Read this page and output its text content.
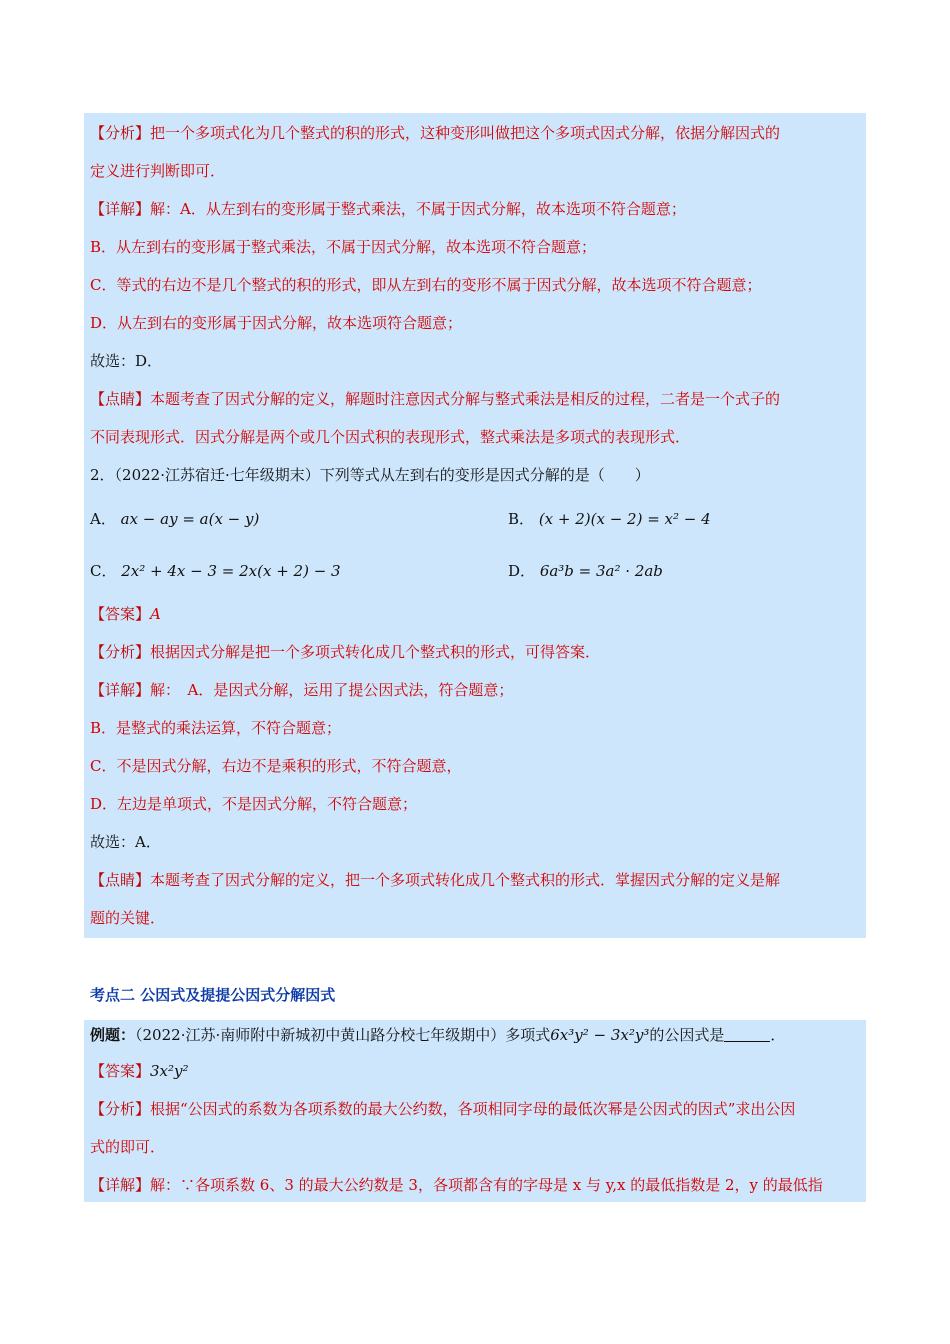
【分析】把一个多项式化为几个整式的积的形式，这种变形叫做把这个多项式因式分解，依据分解因式的
定义进行判断即可．
【详解】解：A．从左到右的变形属于整式乘法，不属于因式分解，故本选项不符合题意；
B．从左到右的变形属于整式乘法，不属于因式分解，故本选项不符合题意；
C．等式的右边不是几个整式的积的形式，即从左到右的变形不属于因式分解，故本选项不符合题意；
D．从左到右的变形属于因式分解，故本选项符合题意；
故选：D．
【点睛】本题考查了因式分解的定义，解题时注意因式分解与整式乘法是相反的过程，二者是一个式子的
不同表现形式．因式分解是两个或几个因式积的表现形式，整式乘法是多项式的表现形式．
2．（2022·江苏宿迁·七年级期末）下列等式从左到右的变形是因式分解的是（　　）
A． ax − ay = a(x − y)	B． (x + 2)(x − 2) = x² − 4
C． 2x² + 4x − 3 = 2x(x + 2) − 3	D． 6a³b = 3a² · 2ab
【答案】A
【分析】根据因式分解是把一个多项式转化成几个整式积的形式，可得答案．
【详解】解：　A．是因式分解，运用了提公因式法，符合题意；
B．是整式的乘法运算，不符合题意；
C．不是因式分解，右边不是乘积的形式，不符合题意，
D．左边是单项式，不是因式分解，不符合题意；
故选：A．
【点睛】本题考查了因式分解的定义，把一个多项式转化成几个整式积的形式．掌握因式分解的定义是解
题的关键．
考点二 公因式及提提公因式分解因式
例题：（2022·江苏·南师附中新城初中黄山路分校七年级期中）多项式6x³y² − 3x²y³的公因式是	．
【答案】3x²y²
【分析】根据“公因式的系数为各项系数的最大公约数，各项相同字母的最低次幂是公因式的因式”求出公因
式的即可．
【详解】解：∵各项系数 6、3 的最大公约数是 3，各项都含有的字母是 x 与 y,x 的最低指数是 2，y 的最低指
